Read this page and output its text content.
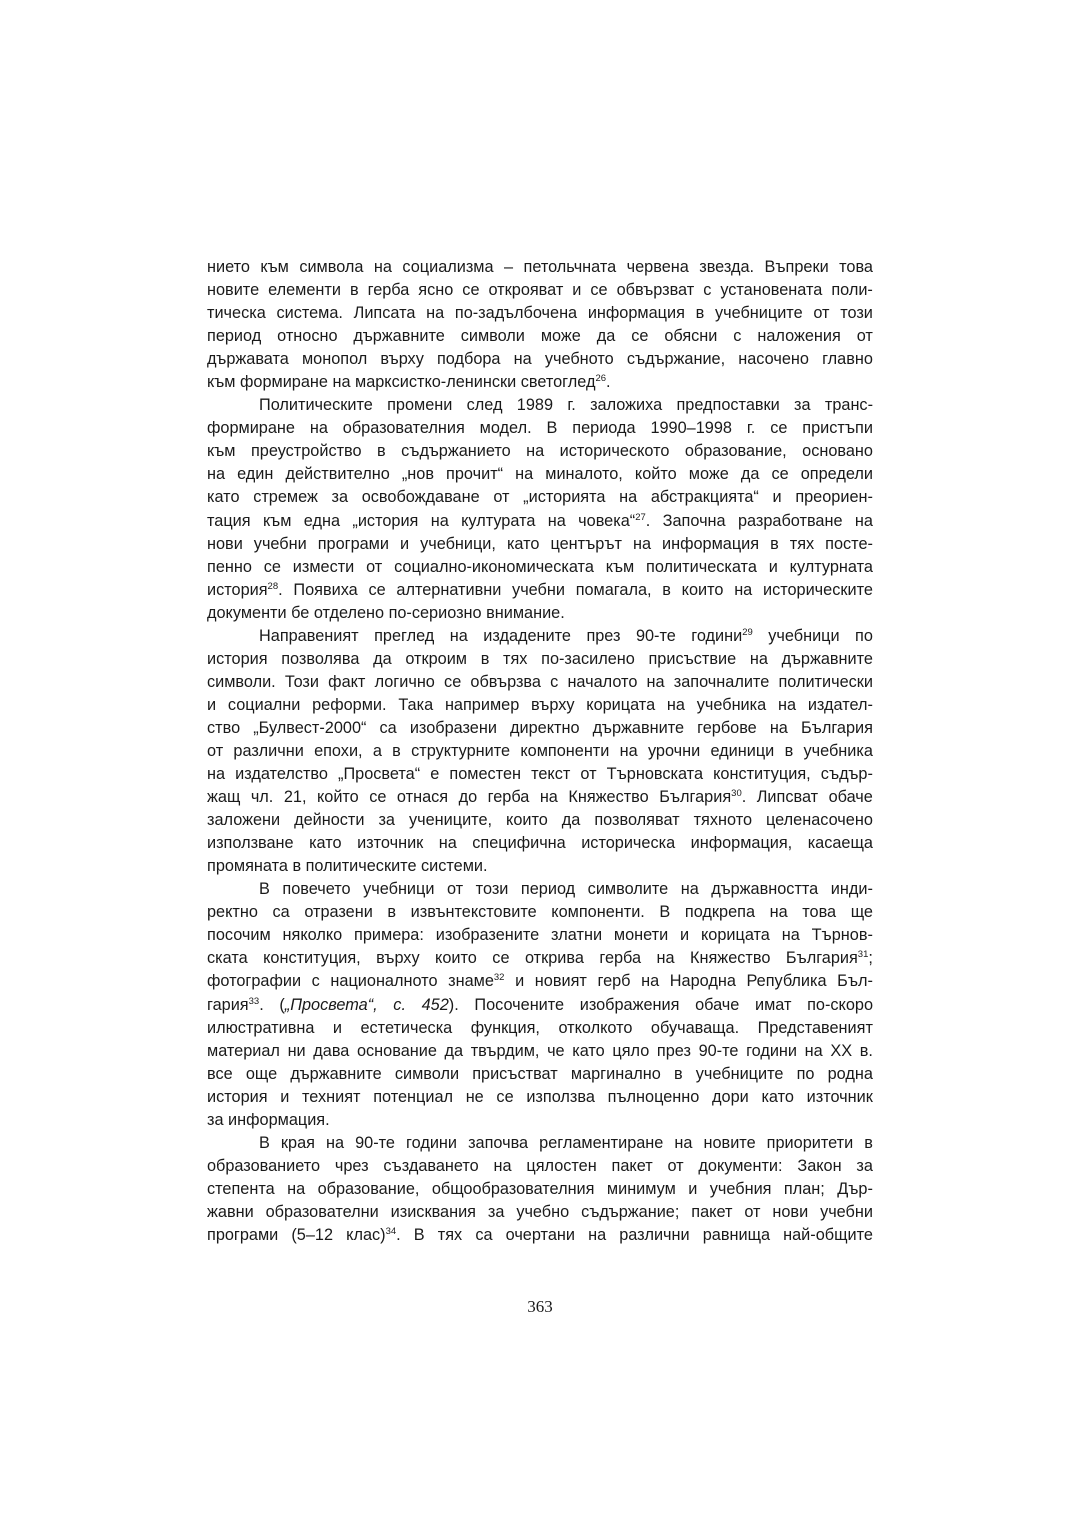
нието към символа на социализма – петольчната червена звезда. Въпреки това
новите елементи в герба ясно се открояват и се обвързват с установената поли-
тическа система. Липсата на по-задълбочена информация в учебниците от този
период относно държавните символи може да се обясни с наложения от
държавата монопол върху подбора на учебното съдържание, насочено главно
към формиране на марксистко-ленински светоглед$^{26}$.
Политическите промени след 1989 г. заложиха предпоставки за транс-
формиране на образователния модел. В периода 1990–1998 г. се пристъпи
към преустройство в съдържанието на историческото образование, основано
на един действително „нов прочит“ на миналото, който може да се определи
като стремеж за освобождаване от „историята на абстракцията“ и преориен-
тация към една „история на културата на човека“$^{27}$. Започна разработване на
нови учебни програми и учебници, като центърът на информация в тях посте-
пенно се измести от социално-икономическата към политическата и културната
история$^{28}$. Появиха се алтернативни учебни помагала, в които на историческите
документи бе отделено по-сериозно внимание.
Направеният преглед на издадените през 90-те години$^{29}$ учебници по
история позволява да откроим в тях по-засилено присъствие на държавните
символи. Този факт логично се обвързва с началото на започналите политически
и социални реформи. Така например върху корицата на учебника на издател-
ство „Булвест-2000“ са изобразени директно държавните гербове на България
от различни епохи, а в структурните компоненти на урочни единици в учебника
на издателство „Просвета“ е поместен текст от Търновската конституция, съдър-
жащ чл. 21, който се отнася до герба на Княжество България$^{30}$. Липсват обаче
заложени дейности за учениците, които да позволяват тяхното целенасочено
използване като източник на специфична историческа информация, касаеща
промяната в политическите системи.
В повечето учебници от този период символите на държавността инди-
ректно са отразени в извънтекстовите компоненти. В подкрепа на това ще
посочим няколко примера: изобразените златни монети и корицата на Търнов-
ската конституция, върху които се открива герба на Княжество България$^{31}$;
фотографии с националното знаме$^{32}$ и новият герб на Народна Република Бъл-
гария$^{33}$. („Просвета“, с. 452). Посочените изображения обаче имат по-скоро
илюстративна и естетическа функция, отколкото обучаваща. Представеният
материал ни дава основание да твърдим, че като цяло през 90-те години на XX в.
все още държавните символи присъстват маргинално в учебниците по родна
история и техният потенциал не се използва пълноценно дори като източник
за информация.
В края на 90-те години започва регламентиране на новите приоритети в
образованието чрез създаването на цялостен пакет от документи: Закон за
степента на образование, общообразователния минимум и учебния план; Дър-
жавни образователни изисквания за учебно съдържание; пакет от нови учебни
програми (5–12 клас)$^{34}$. В тях са очертани на различни равнища най-общите
363
